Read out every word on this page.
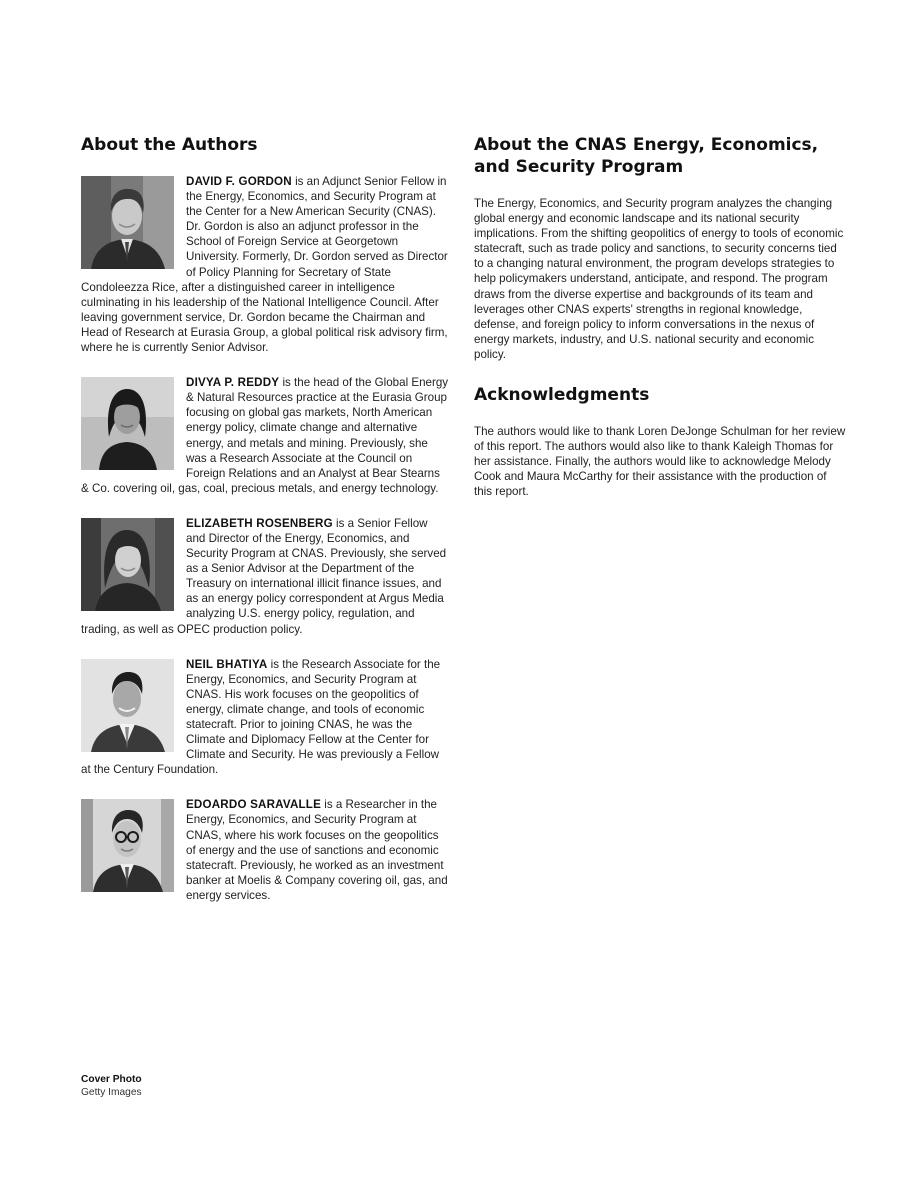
About the Authors
DAVID F. GORDON is an Adjunct Senior Fellow in the Energy, Economics, and Security Program at the Center for a New American Security (CNAS). Dr. Gordon is also an adjunct professor in the School of Foreign Service at Georgetown University. Formerly, Dr. Gordon served as Director of Policy Planning for Secretary of State Condoleezza Rice, after a distinguished career in intelligence culminating in his leadership of the National Intelligence Council. After leaving government service, Dr. Gordon became the Chairman and Head of Research at Eurasia Group, a global political risk advisory firm, where he is currently Senior Advisor.
DIVYA P. REDDY is the head of the Global Energy & Natural Resources practice at the Eurasia Group focusing on global gas markets, North American energy policy, climate change and alternative energy, and metals and mining. Previously, she was a Research Associate at the Council on Foreign Relations and an Analyst at Bear Stearns & Co. covering oil, gas, coal, precious metals, and energy technology.
ELIZABETH ROSENBERG is a Senior Fellow and Director of the Energy, Economics, and Security Program at CNAS. Previously, she served as a Senior Advisor at the Department of the Treasury on international illicit finance issues, and as an energy policy correspondent at Argus Media analyzing U.S. energy policy, regulation, and trading, as well as OPEC production policy.
NEIL BHATIYA is the Research Associate for the Energy, Economics, and Security Program at CNAS. His work focuses on the geopolitics of energy, climate change, and tools of economic statecraft. Prior to joining CNAS, he was the Climate and Diplomacy Fellow at the Center for Climate and Security. He was previously a Fellow at the Century Foundation.
EDOARDO SARAVALLE is a Researcher in the Energy, Economics, and Security Program at CNAS, where his work focuses on the geopolitics of energy and the use of sanctions and economic statecraft. Previously, he worked as an investment banker at Moelis & Company covering oil, gas, and energy services.
About the CNAS Energy, Economics,
and Security Program

The Energy, Economics, and Security program analyzes the changing global energy and economic landscape and its national security implications. From the shifting geopolitics of energy to tools of economic statecraft, such as trade policy and sanctions, to security concerns tied to a changing natural environment, the program develops strategies to help policymakers understand, anticipate, and respond. The program draws from the diverse expertise and backgrounds of its team and leverages other CNAS experts' strengths in regional knowledge, defense, and foreign policy to inform conversations in the nexus of energy markets, industry, and U.S. national security and economic policy.

Acknowledgments

The authors would like to thank Loren DeJonge Schulman for her review of this report. The authors would also like to thank Kaleigh Thomas for her assistance. Finally, the authors would like to acknowledge Melody Cook and Maura McCarthy for their assistance with the production of this report.

Cover Photo
Getty Images
